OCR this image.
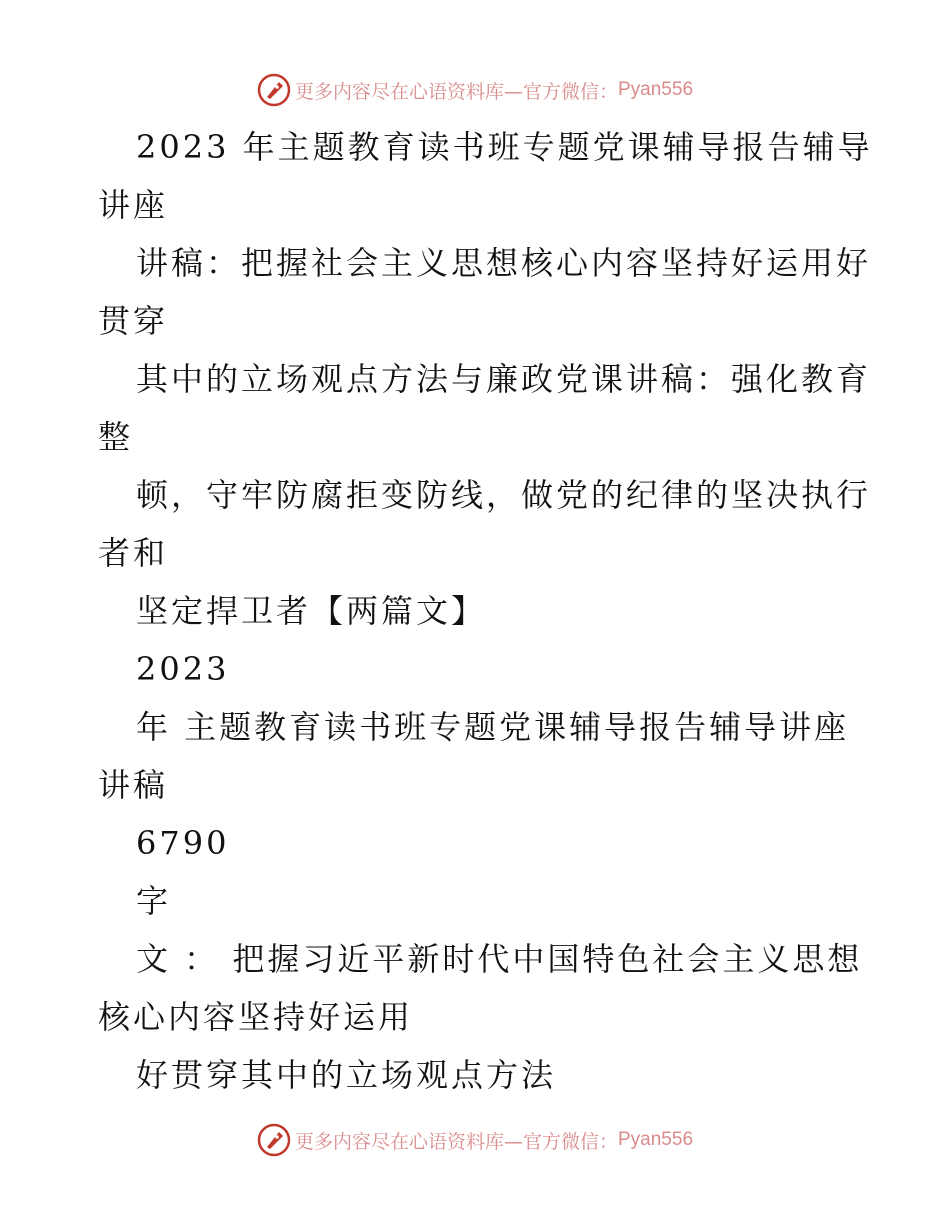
更多内容尽在心语资料库—官方微信： Pyan556
2023 年主题教育读书班专题党课辅导报告辅导
讲座
讲稿：把握社会主义思想核心内容坚持好运用好
贯穿
其中的立场观点方法与廉政党课讲稿：强化教育
整
顿，守牢防腐拒变防线，做党的纪律的坚决执行
者和
坚定捍卫者【两篇文】
2023
年 主题教育读书班专题党课辅导报告辅导讲座
讲稿
6790
字
文 ： 把握习近平新时代中国特色社会主义思想
核心内容坚持好运用
好贯穿其中的立场观点方法
更多内容尽在心语资料库—官方微信： Pyan556
